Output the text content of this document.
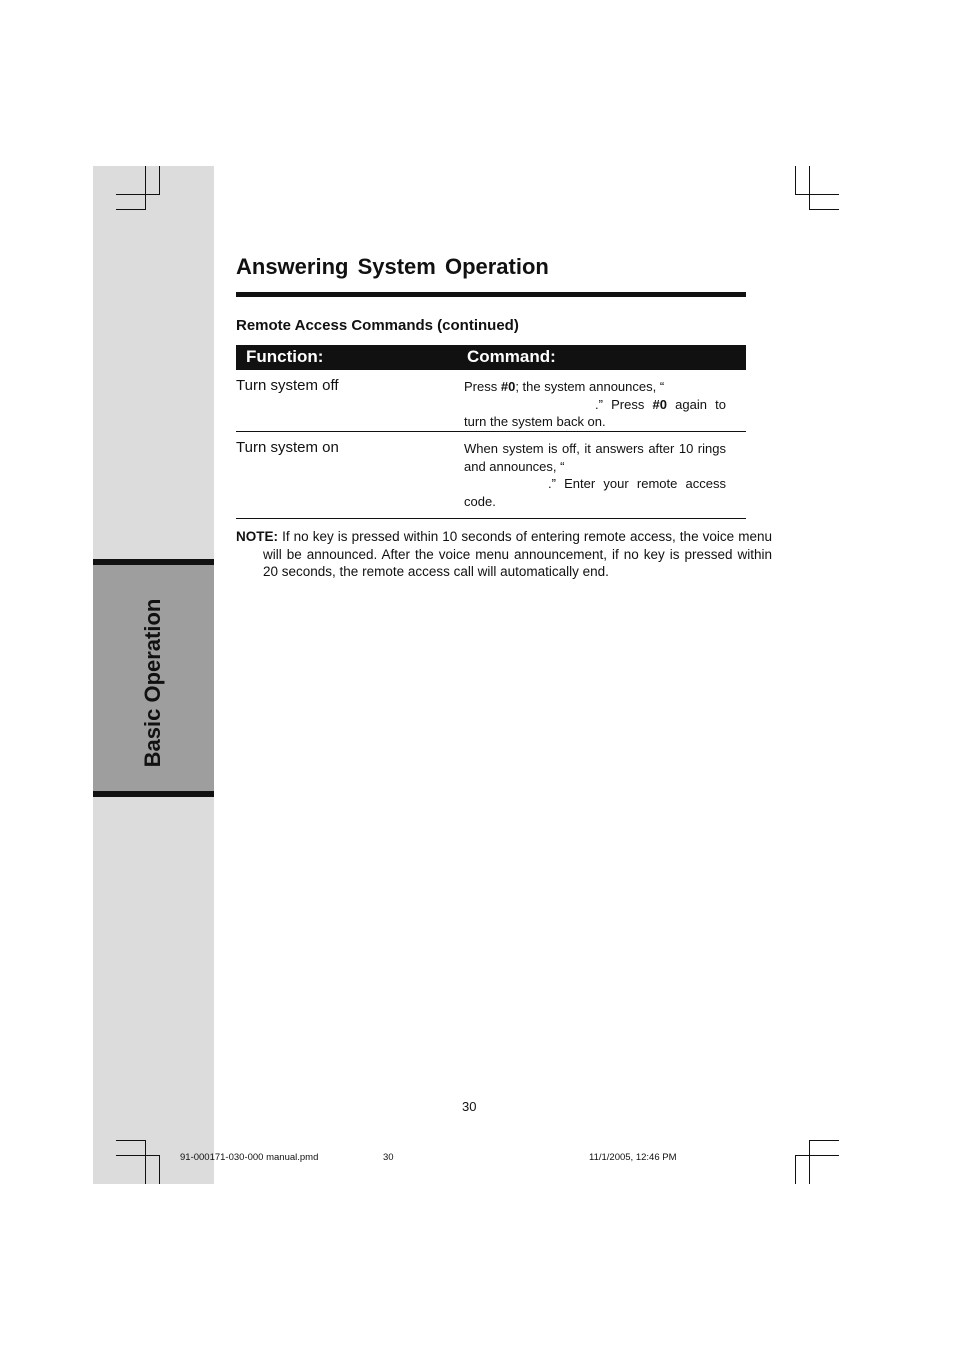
Basic Operation
Answering System Operation
Remote Access Commands (continued)
Function:	Command:
Turn system off	Press #0; the system announces, “
.” Press #0 again to turn the system back on.
Turn system on	When system is off, it answers after 10 rings and announces, “
.” Enter your remote access code.
NOTE: If no key is pressed within 10 seconds of entering remote access, the voice menu will be announced. After the voice menu announcement, if no key is pressed within 20 seconds, the remote access call will automatically end.
30
91-000171-030-000 manual.pmd	30	11/1/2005, 12:46 PM
